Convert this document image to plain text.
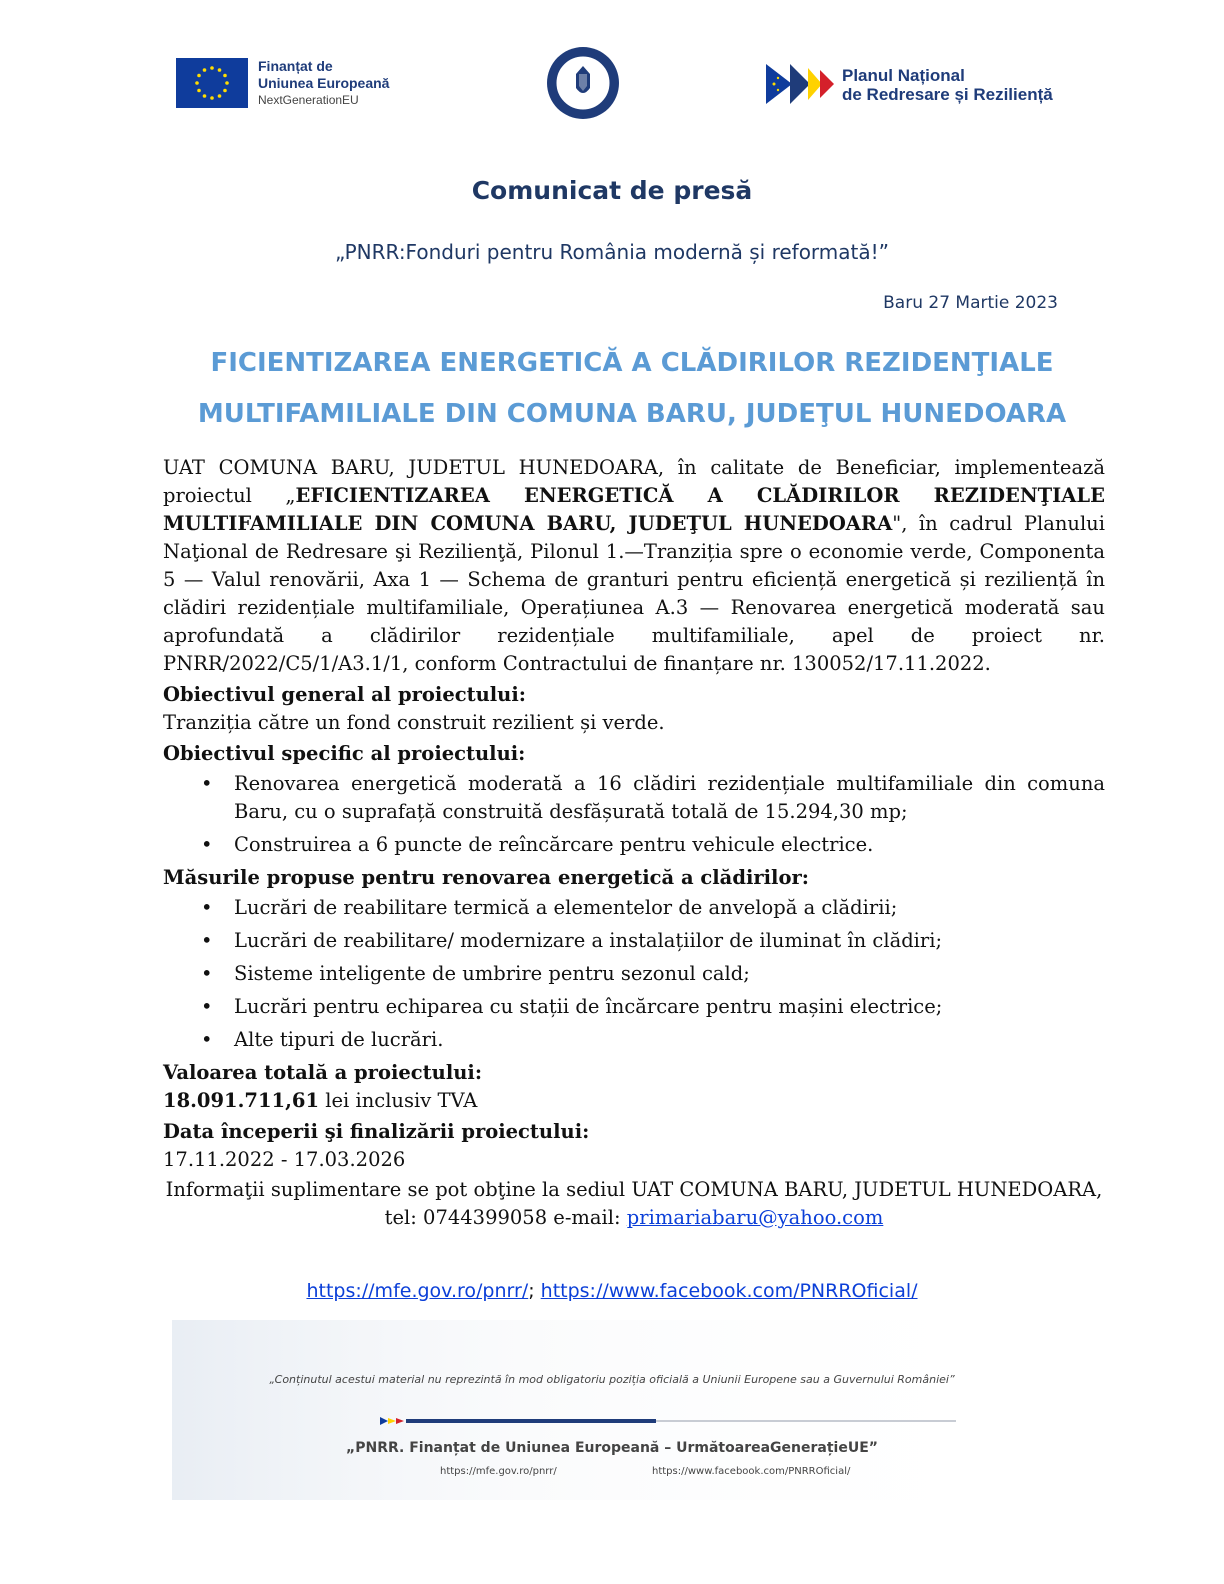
Finanțat de
Uniunea Europeană
NextGenerationEU
Planul Național
de Redresare și Reziliență
Comunicat de presă
„PNRR:Fonduri pentru România modernă și reformată!”
Baru 27 Martie 2023
FICIENTIZAREA ENERGETICĂ A CLĂDIRILOR REZIDENŢIALE
MULTIFAMILIALE DIN COMUNA BARU, JUDEŢUL HUNEDOARA

UAT COMUNA BARU, JUDETUL HUNEDOARA, în calitate de Beneficiar, implementează proiectul „EFICIENTIZAREA ENERGETICĂ A CLĂDIRILOR REZIDENŢIALE MULTIFAMILIALE DIN COMUNA BARU, JUDEŢUL HUNEDOARA", în cadrul Planului Naţional de Redresare şi Rezilienţă, Pilonul 1.—Tranziția spre o economie verde, Componenta 5 — Valul renovării, Axa 1 — Schema de granturi pentru eficiență energetică și reziliență în clădiri rezidențiale multifamiliale, Operațiunea A.3 — Renovarea energetică moderată sau aprofundată a clădirilor rezidențiale multifamiliale, apel de proiect nr. PNRR/2022/C5/1/A3.1/1, conform Contractului de finanțare nr. 130052/17.11.2022.

Obiectivul general al proiectului:
Tranziția către un fond construit rezilient și verde.
Obiectivul specific al proiectului:
• Renovarea energetică moderată a 16 clădiri rezidențiale multifamiliale din comuna Baru, cu o suprafață construită desfășurată totală de 15.294,30 mp;
• Construirea a 6 puncte de reîncărcare pentru vehicule electrice.
Măsurile propuse pentru renovarea energetică a clădirilor:
• Lucrări de reabilitare termică a elementelor de anvelopă a clădirii;
• Lucrări de reabilitare/ modernizare a instalațiilor de iluminat în clădiri;
• Sisteme inteligente de umbrire pentru sezonul cald;
• Lucrări pentru echiparea cu stații de încărcare pentru mașini electrice;
• Alte tipuri de lucrări.
Valoarea totală a proiectului:
18.091.711,61 lei inclusiv TVA
Data începerii şi finalizării proiectului:
17.11.2022 - 17.03.2026
Informaţii suplimentare se pot obţine la sediul UAT COMUNA BARU, JUDETUL HUNEDOARA,
tel: 0744399058 e-mail: primariabaru@yahoo.com
https://mfe.gov.ro/pnrr/; https://www.facebook.com/PNRROficial/
„Conținutul acestui material nu reprezintă în mod obligatoriu poziția oficială a Uniunii Europene sau a Guvernului României”
„PNRR. Finanțat de Uniunea Europeană – UrmătoareaGenerațieUE”
https://mfe.gov.ro/pnrr/	https://www.facebook.com/PNRROficial/
